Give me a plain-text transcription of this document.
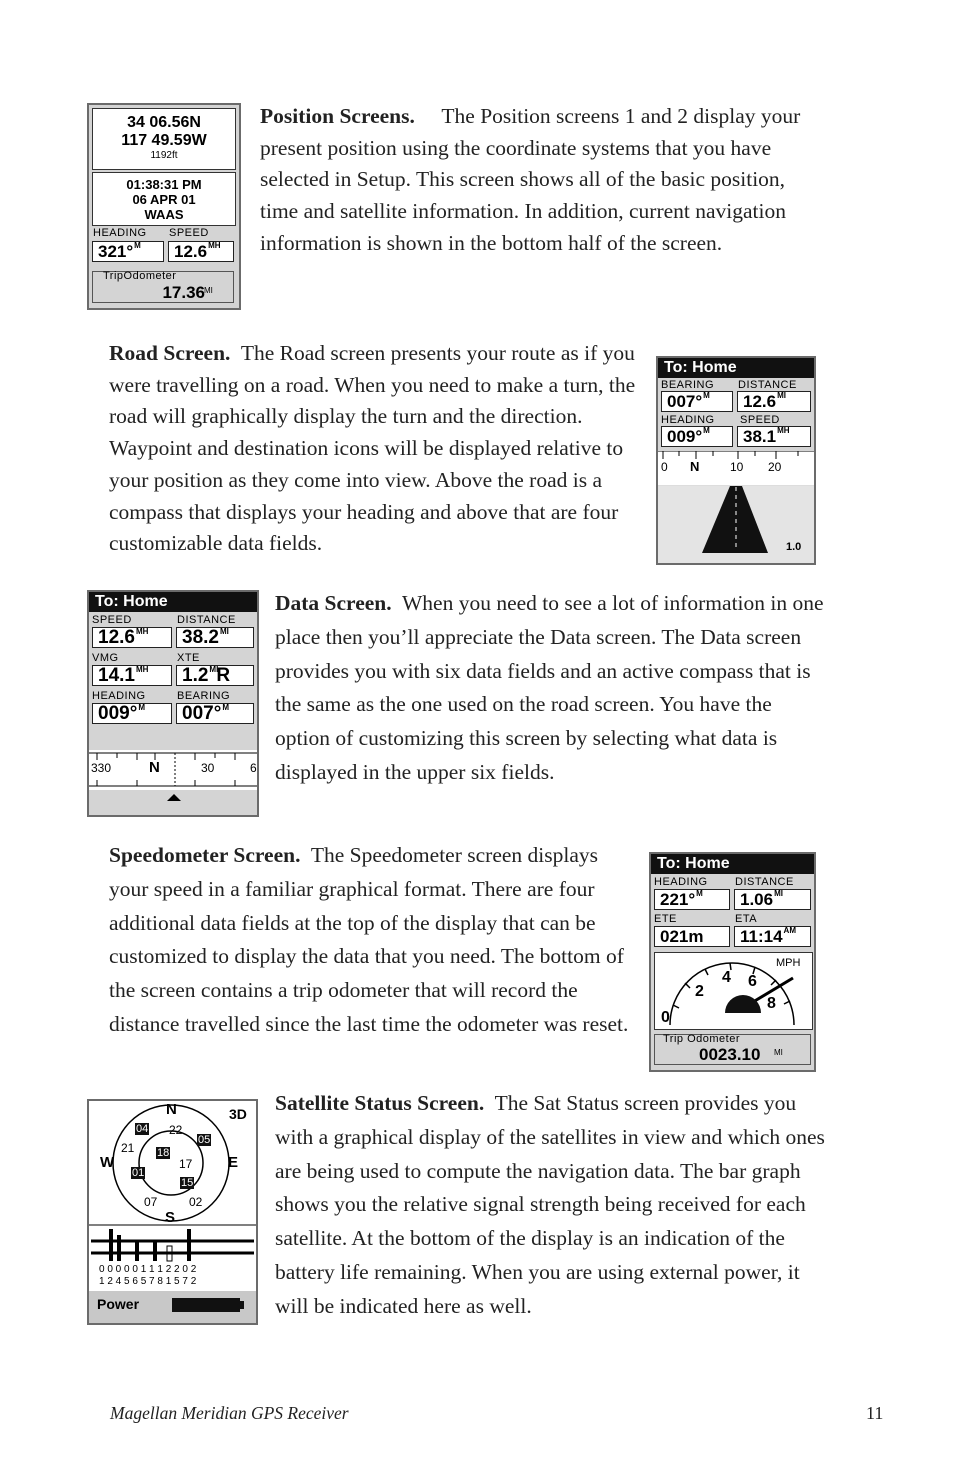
34 06.56N
117 49.59W
1192ft
01:38:31 PM
06 APR 01
WAAS
HEADING SPEED
321°M	12.6MH
TripOdometer
17.36 MI

Position Screens. The Position screens 1 and 2 display your present position using the coordinate systems that you have selected in Setup. This screen shows all of the basic position, time and satellite information. In addition, current navigation information is shown in the bottom half of the screen.

Road Screen. The Road screen presents your route as if you were travelling on a road. When you need to make a turn, the road will graphically display the turn and the direction. Waypoint and destination icons will be displayed relative to your position as they come into view. Above the road is a compass that displays your heading and above that are four customizable data fields.

To: Home
BEARING DISTANCE
007°M	12.6MI
HEADING SPEED
009°M	38.1MH
0 N	10 20
1.0
To: Home
SPEED	DISTANCE
12.6MH	38.2MI
VMG	XTE
14.1MH	1.2MIR
HEADING	BEARING
009°M	007°M
330	N	30	6

Data Screen. When you need to see a lot of information in one place then you’ll appreciate the Data screen. The Data screen provides you with six data fields and an active compass that is the same as the one used on the road screen. You have the option of customizing this screen by selecting what data is displayed in the upper six fields.

Speedometer Screen. The Speedometer screen displays your speed in a familiar graphical format. There are four additional data fields at the top of the display that can be customized to display the data that you need. The bottom of the screen contains a trip odometer that will record the distance travelled since the last time the odometer was reset.

To: Home
HEADING DISTANCE
221°M	1.06MI
ETE	ETA
021m	11:14AM
MPH
0
2
4 6
8
Trip Odometer
0023.10 MI
N
S
E
W
3D
04 22
05
21 18
17
01
15
07	02
0 0 0 0 0 1 1 1 2 2 0 2
1 2 4 5 6 5 7 8 1 5 7 2
Power

Satellite Status Screen. The Sat Status screen provides you with a graphical display of the satellites in view and which ones are being used to compute the navigation data. The bar graph shows you the relative signal strength being received for each satellite. At the bottom of the display is an indication of the battery life remaining. When you are using external power, it will be indicated here as well.

Magellan Meridian GPS Receiver	11
